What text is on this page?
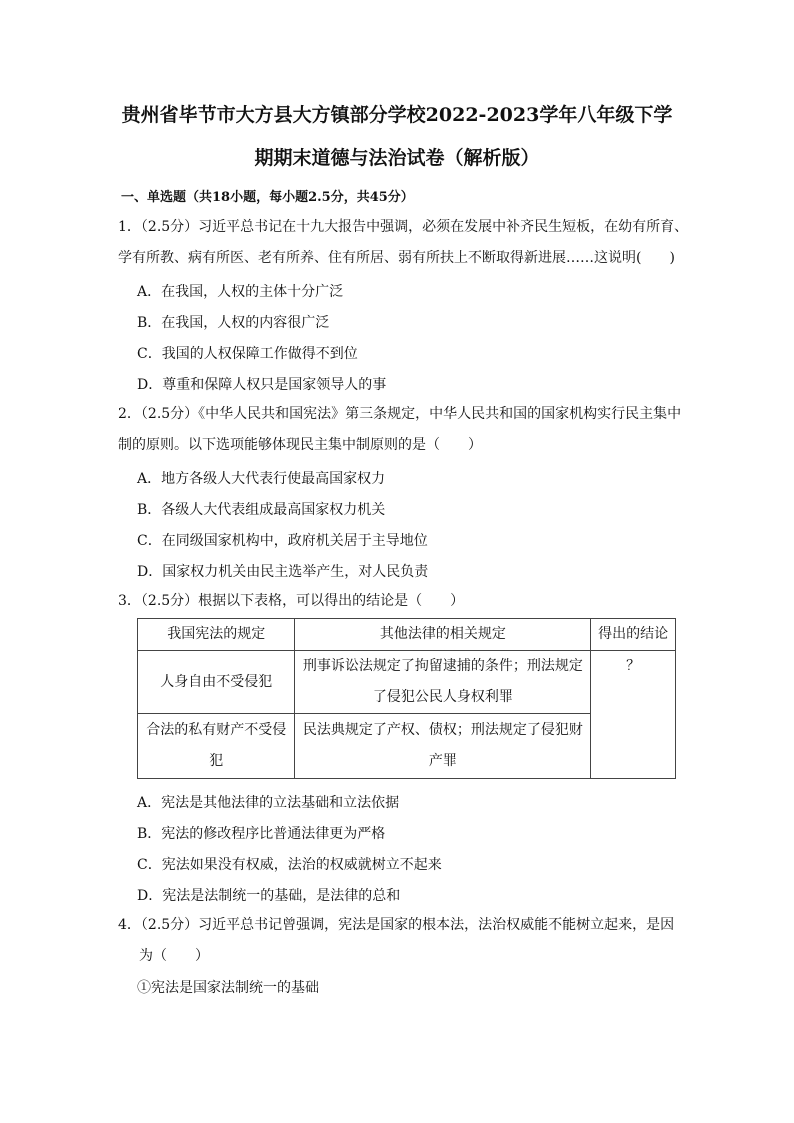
贵州省毕节市大方县大方镇部分学校2022-2023学年八年级下学
期期末道德与法治试卷（解析版）
一、单选题（共18小题，每小题2.5分，共45分）
1．（2.5分）习近平总书记在十九大报告中强调，必须在发展中补齐民生短板，在幼有所育、
学有所教、病有所医、老有所养、住有所居、弱有所扶上不断取得新进展……这说明(　　)
A．在我国，人权的主体十分广泛
B．在我国，人权的内容很广泛
C．我国的人权保障工作做得不到位
D．尊重和保障人权只是国家领导人的事
2．（2.5分）《中华人民共和国宪法》第三条规定，中华人民共和国的国家机构实行民主集中
制的原则。以下选项能够体现民主集中制原则的是（　　）
A．地方各级人大代表行使最高国家权力
B．各级人大代表组成最高国家权力机关
C．在同级国家机构中，政府机关居于主导地位
D．国家权力机关由民主选举产生，对人民负责
3．（2.5分）根据以下表格，可以得出的结论是（　　）
我国宪法的规定	其他法律的相关规定	得出的结论
人身自由不受侵犯	刑事诉讼法规定了拘留逮捕的条件；刑法规定了侵犯公民人身权利罪	？
合法的私有财产不受侵犯	民法典规定了产权、债权；刑法规定了侵犯财产罪	
A．宪法是其他法律的立法基础和立法依据
B．宪法的修改程序比普通法律更为严格
C．宪法如果没有权威，法治的权威就树立不起来
D．宪法是法制统一的基础，是法律的总和
4．（2.5分）习近平总书记曾强调，宪法是国家的根本法，法治权威能不能树立起来，是因
为（　　）
①宪法是国家法制统一的基础
